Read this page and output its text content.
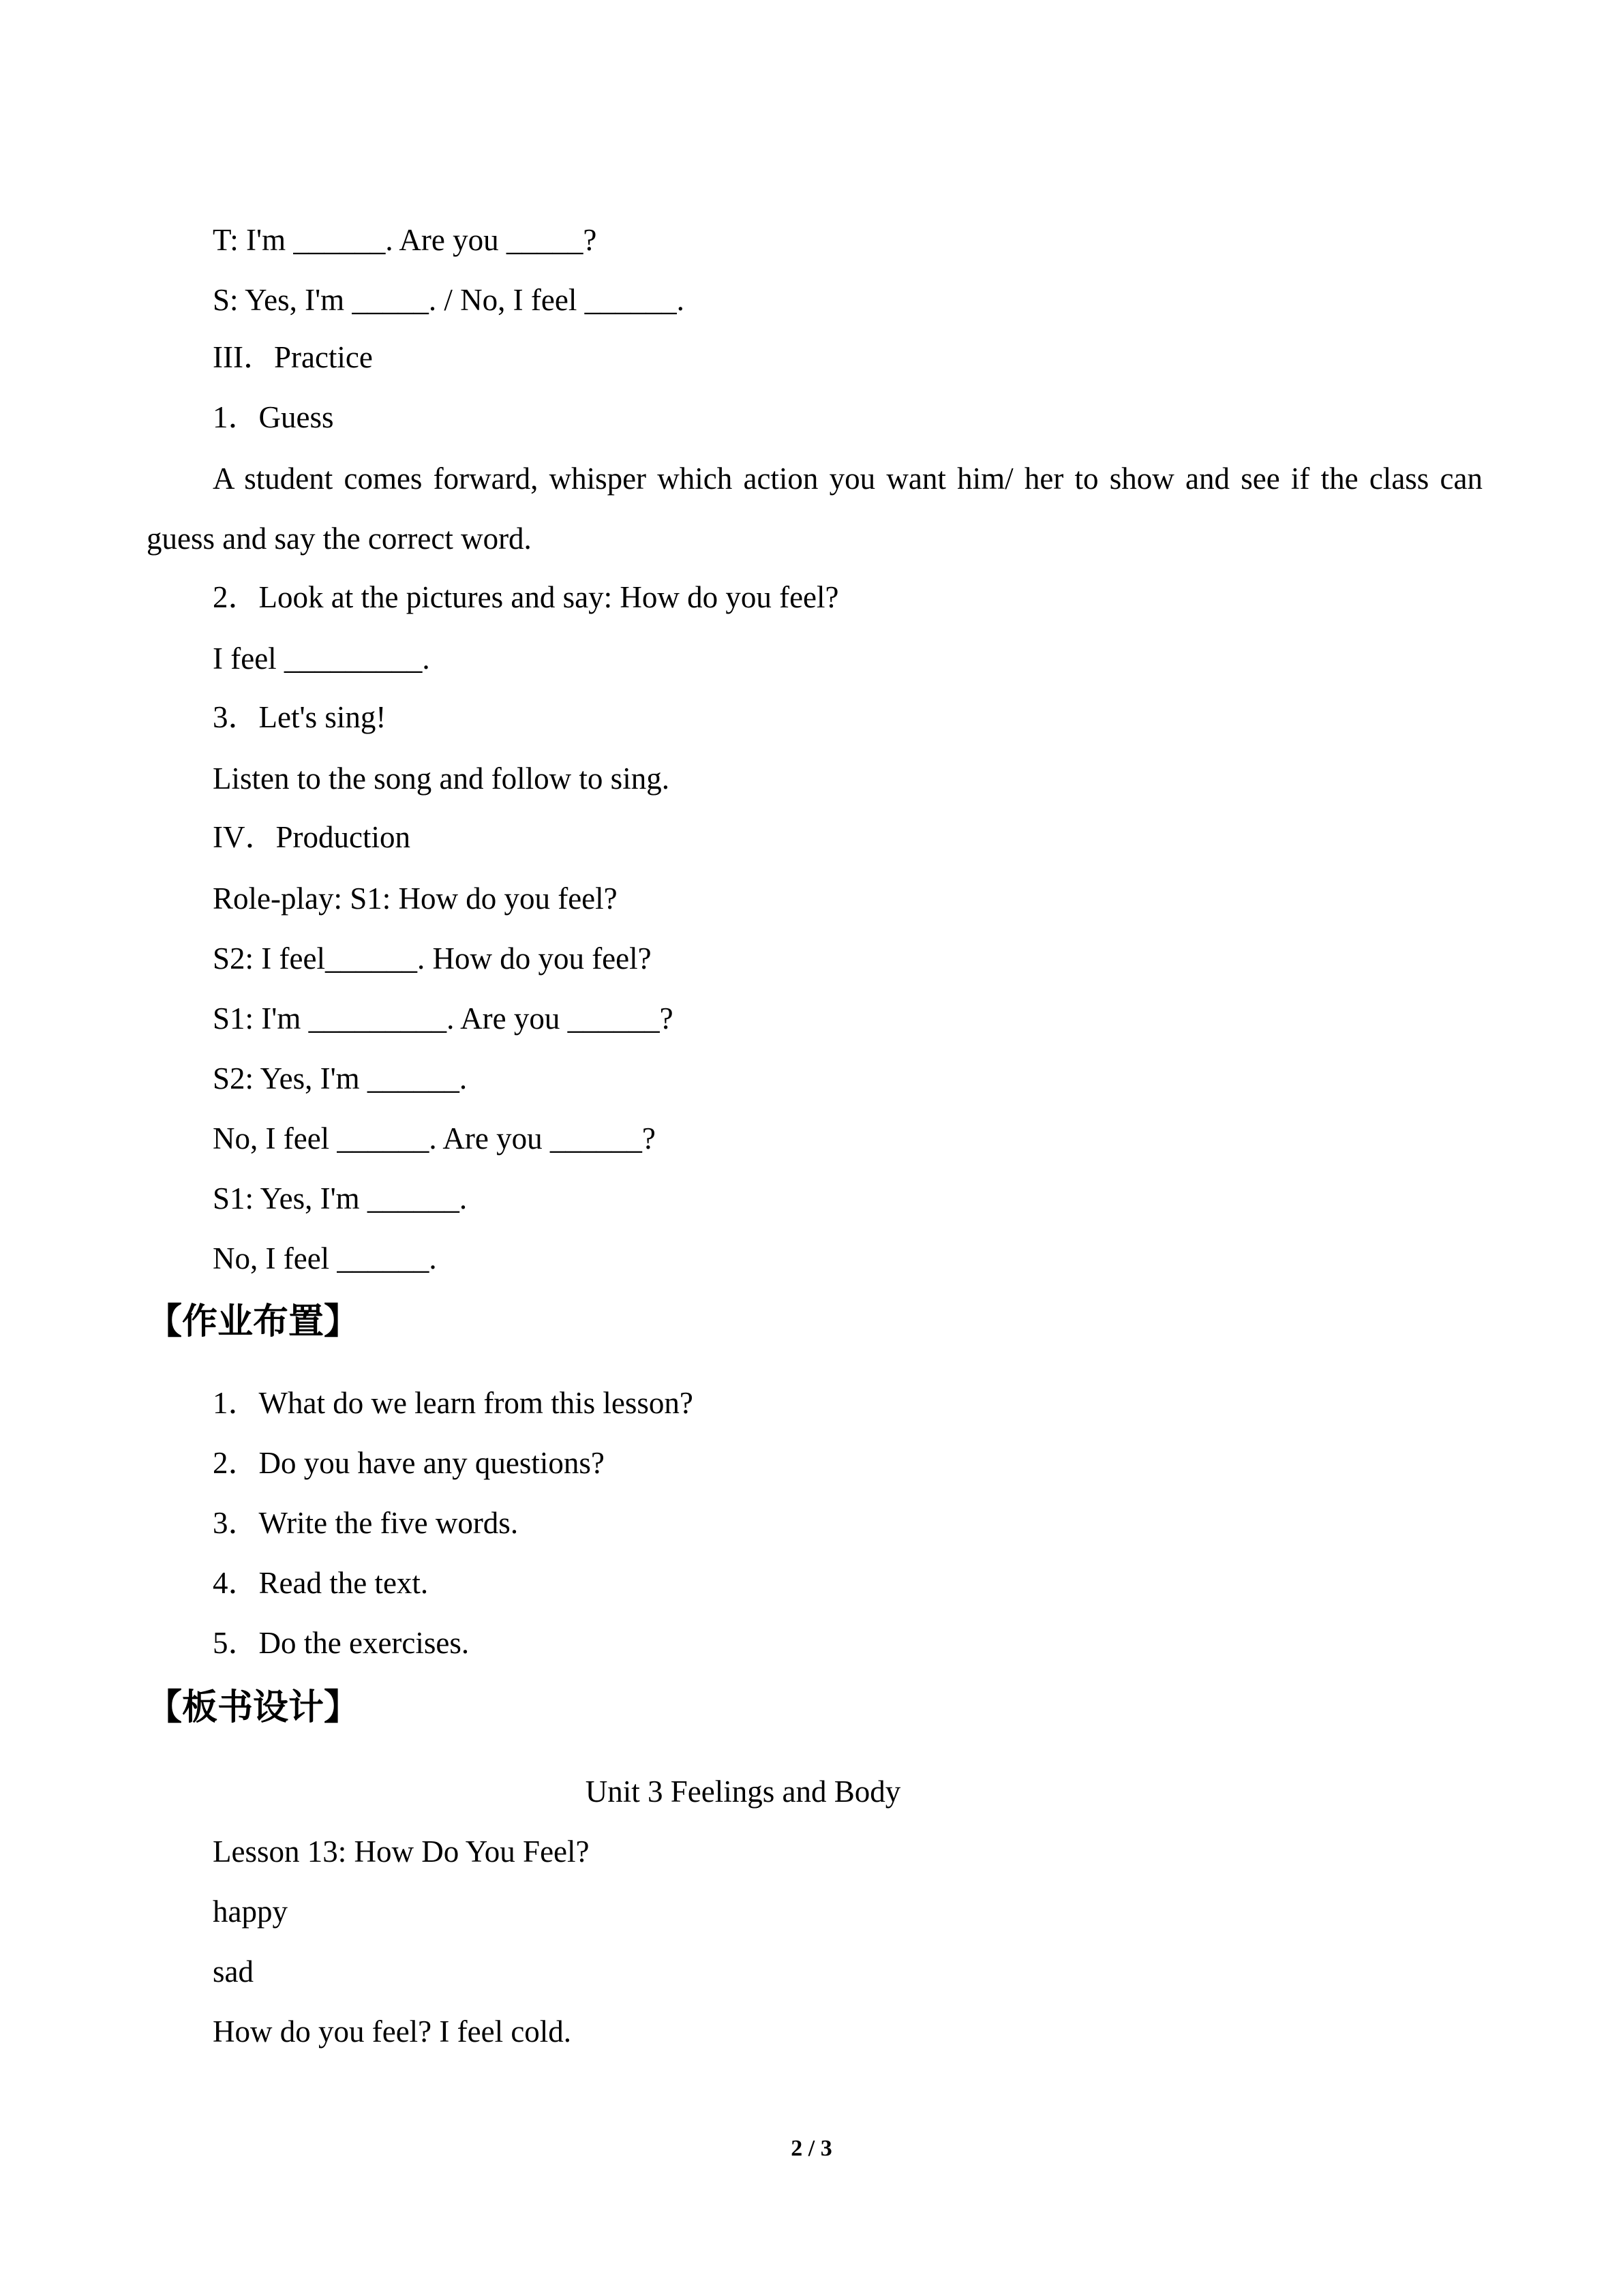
T: I'm ______. Are you _____?
S: Yes, I'm _____. / No, I feel ______.
III．Practice
1．Guess
A student comes forward, whisper which action you want him/ her to show and see if the class can guess and say the correct word.
2．Look at the pictures and say: How do you feel?
I feel _________.
3．Let's sing!
Listen to the song and follow to sing.
IV．Production
Role-play: S1: How do you feel?
S2: I feel______. How do you feel?
S1: I'm _________. Are you ______?
S2: Yes, I'm ______.
No, I feel ______. Are you ______?
S1: Yes, I'm ______.
No, I feel ______.
【作业布置】
1．What do we learn from this lesson?
2．Do you have any questions?
3．Write the five words.
4．Read the text.
5．Do the exercises.
【板书设计】
Unit 3 Feelings and Body
Lesson 13: How Do You Feel?
happy
sad
How do you feel? I feel cold.
2 / 3
